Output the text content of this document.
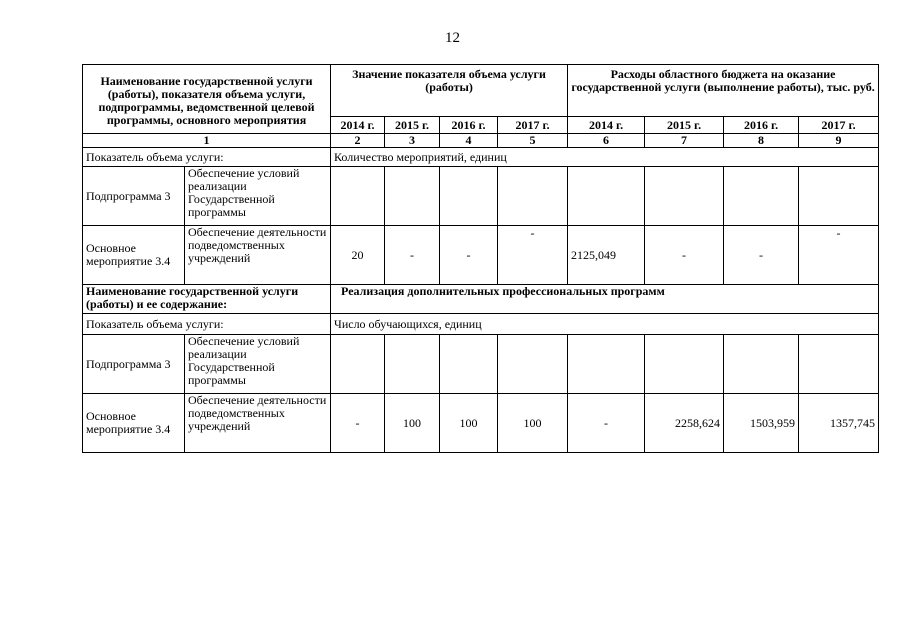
12
Наименование государственной услуги (работы), показателя объема услуги, подпрограммы, ведомственной целевой программы, основного мероприятия		Значение показателя объема услуги (работы)				Расходы областного бюджета на оказание государственной услуги (выполнение работы), тыс. руб.			
		2014 г.	2015 г.	2016 г.	2017 г.	2014 г.	2015 г.	2016 г.	2017 г.
1		2	3	4	5	6	7	8	9
Показатель объема услуги:		Количество мероприятий, единиц							
Подпрограмма 3	Обеспечение условий реализации Государственной программы								
Основное мероприятие 3.4	Обеспечение деятельности подведомственных учреждений	20	-	-	-	2125,049	-	-	-
Наименование государственной услуги (работы) и ее содержание:		Реализация дополнительных профессиональных программ							
Показатель объема услуги:		Число обучающихся, единиц							
Подпрограмма 3	Обеспечение условий реализации Государственной программы								
Основное мероприятие 3.4	Обеспечение деятельности подведомственных учреждений	-	100	100	100	-	2258,624	1503,959	1357,745
